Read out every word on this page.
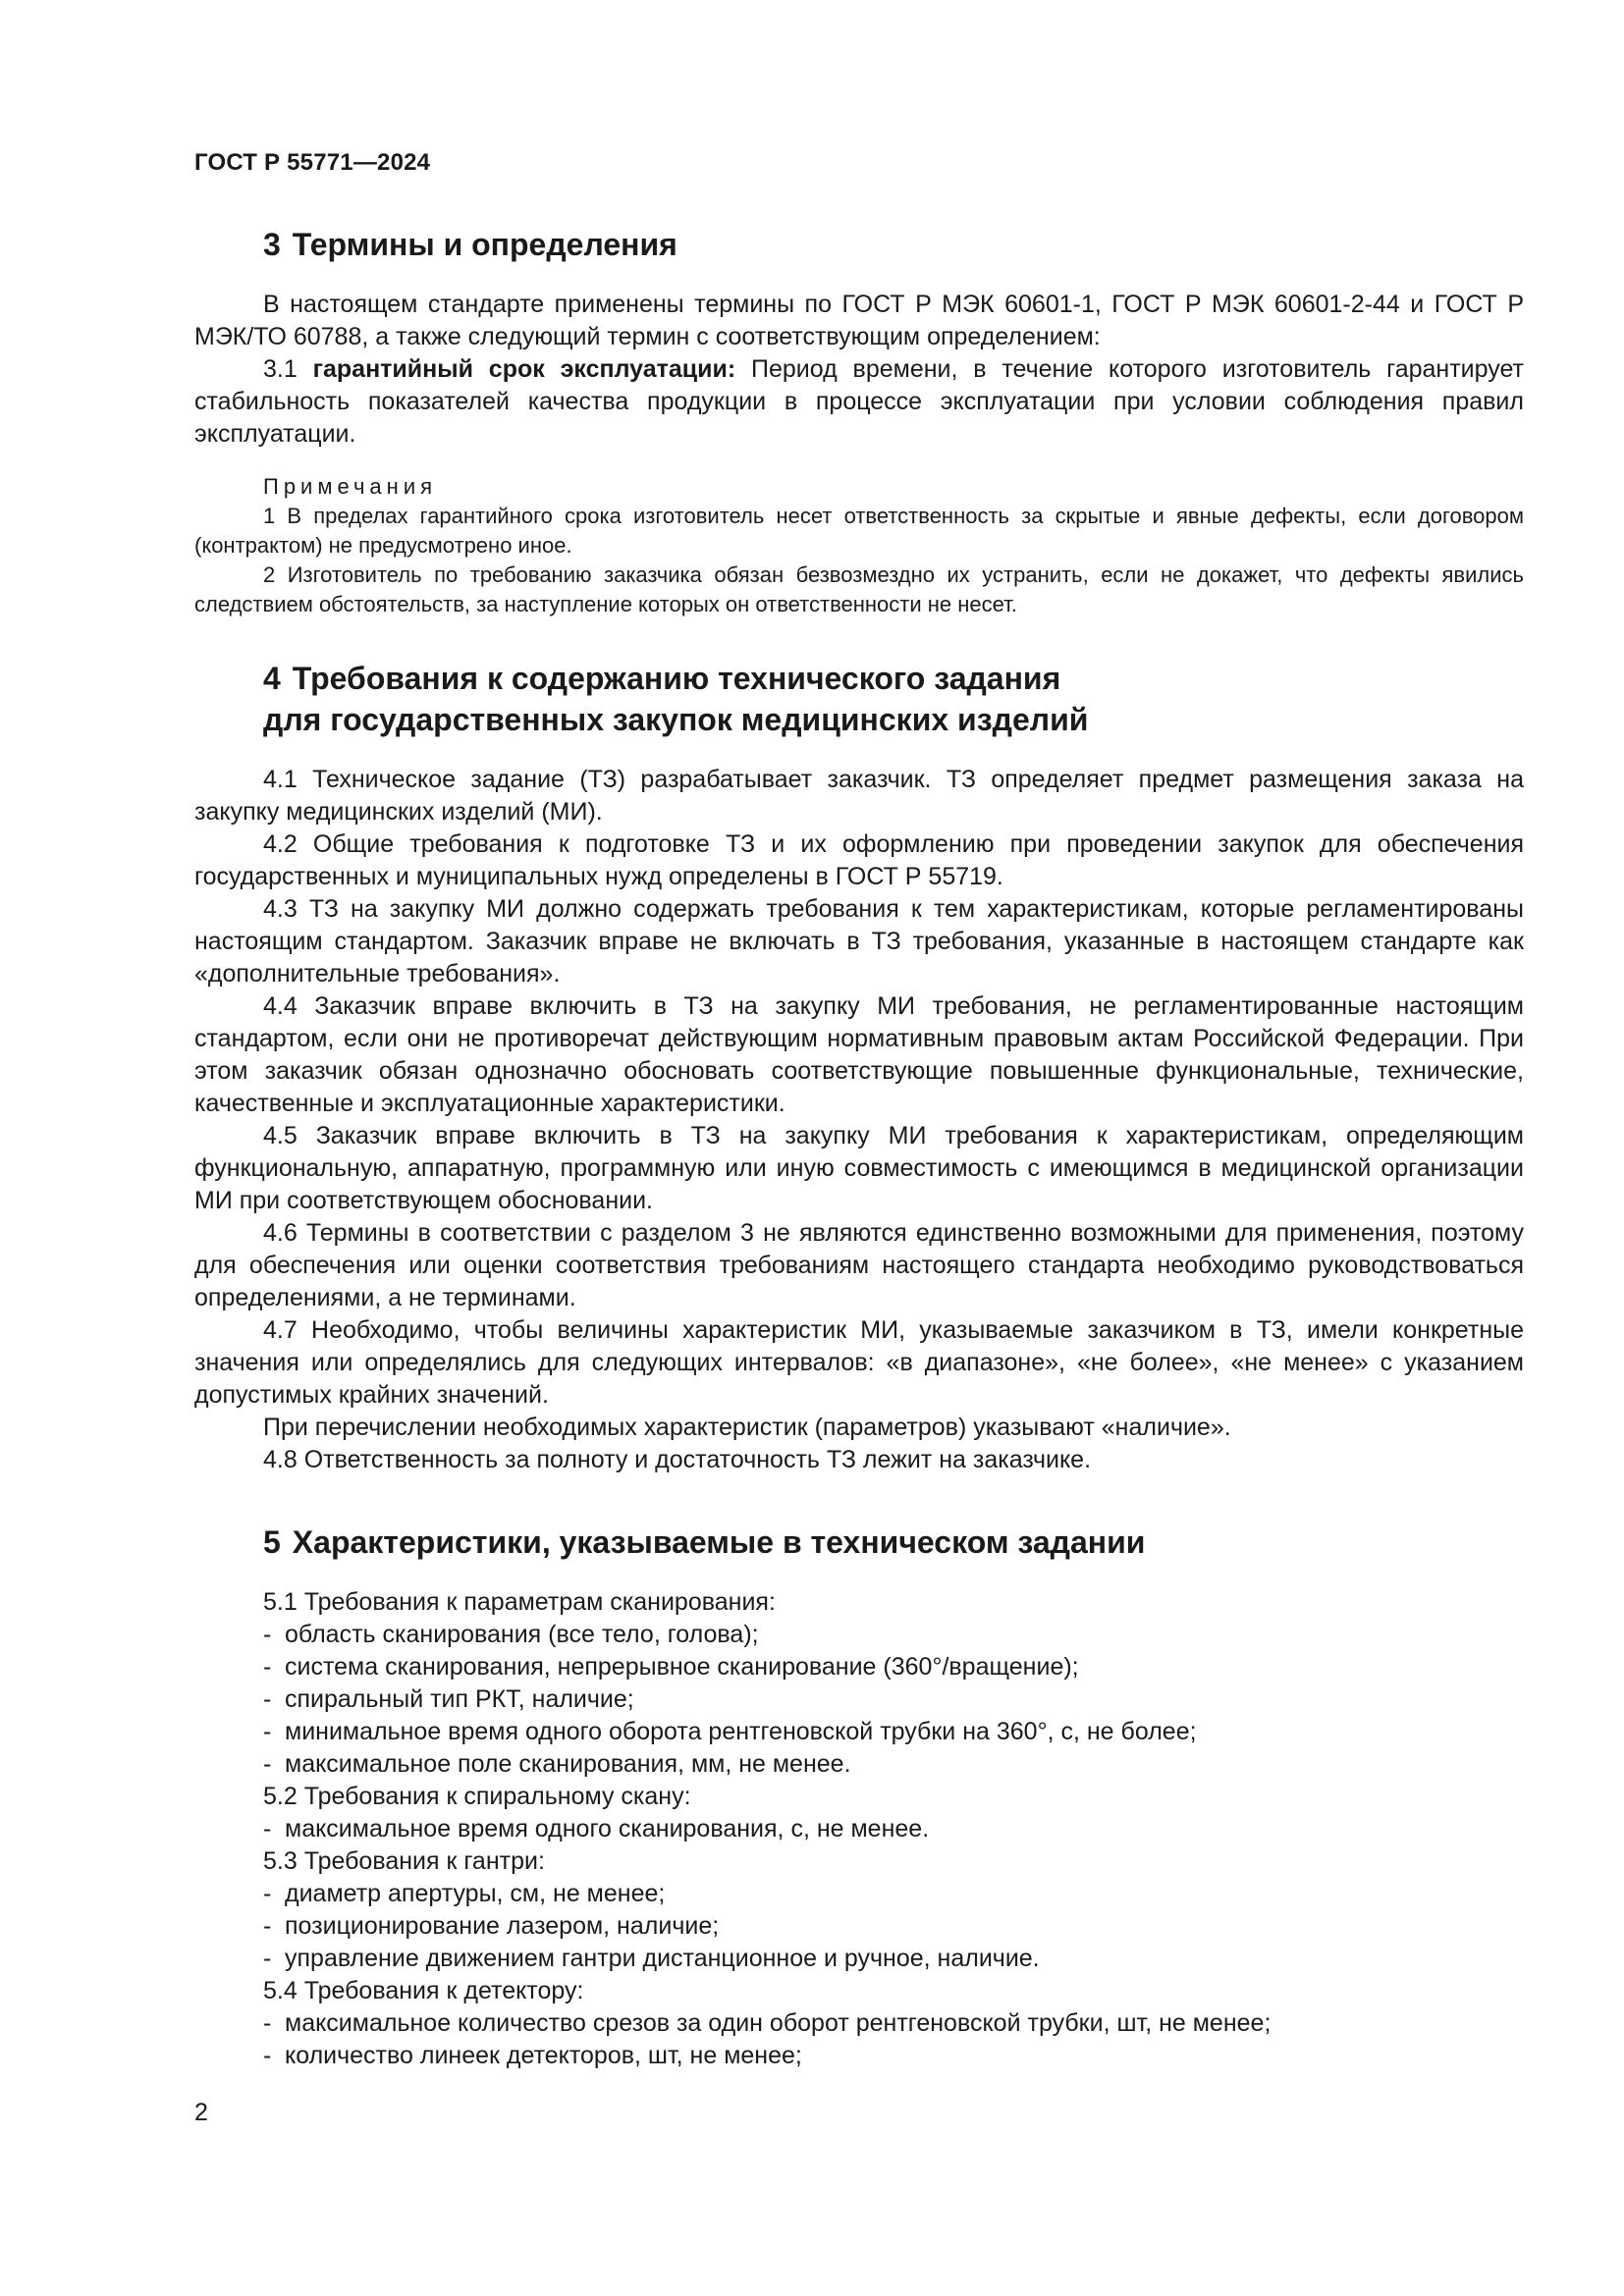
ГОСТ Р 55771—2024
3 Термины и определения

В настоящем стандарте применены термины по ГОСТ Р МЭК 60601-1, ГОСТ Р МЭК 60601-2-44 и ГОСТ Р МЭК/ТО 60788, а также следующий термин с соответствующим определением:

3.1 гарантийный срок эксплуатации: Период времени, в течение которого изготовитель гарантирует стабильность показателей качества продукции в процессе эксплуатации при условии соблюдения правил эксплуатации.

Примечания
1 В пределах гарантийного срока изготовитель несет ответственность за скрытые и явные дефекты, если договором (контрактом) не предусмотрено иное.
2 Изготовитель по требованию заказчика обязан безвозмездно их устранить, если не докажет, что дефекты явились следствием обстоятельств, за наступление которых он ответственности не несет.
4 Требования к содержанию технического задания
для государственных закупок медицинских изделий

4.1 Техническое задание (ТЗ) разрабатывает заказчик. ТЗ определяет предмет размещения заказа на закупку медицинских изделий (МИ).

4.2 Общие требования к подготовке ТЗ и их оформлению при проведении закупок для обеспечения государственных и муниципальных нужд определены в ГОСТ Р 55719.

4.3 ТЗ на закупку МИ должно содержать требования к тем характеристикам, которые регламентированы настоящим стандартом. Заказчик вправе не включать в ТЗ требования, указанные в настоящем стандарте как «дополнительные требования».

4.4 Заказчик вправе включить в ТЗ на закупку МИ требования, не регламентированные настоящим стандартом, если они не противоречат действующим нормативным правовым актам Российской Федерации. При этом заказчик обязан однозначно обосновать соответствующие повышенные функциональные, технические, качественные и эксплуатационные характеристики.

4.5 Заказчик вправе включить в ТЗ на закупку МИ требования к характеристикам, определяющим функциональную, аппаратную, программную или иную совместимость с имеющимся в медицинской организации МИ при соответствующем обосновании.

4.6 Термины в соответствии с разделом 3 не являются единственно возможными для применения, поэтому для обеспечения или оценки соответствия требованиям настоящего стандарта необходимо руководствоваться определениями, а не терминами.

4.7 Необходимо, чтобы величины характеристик МИ, указываемые заказчиком в ТЗ, имели конкретные значения или определялись для следующих интервалов: «в диапазоне», «не более», «не менее» с указанием допустимых крайних значений.

При перечислении необходимых характеристик (параметров) указывают «наличие».

4.8 Ответственность за полноту и достаточность ТЗ лежит на заказчике.

5 Характеристики, указываемые в техническом задании
5.1 Требования к параметрам сканирования:
- область сканирования (все тело, голова);
- система сканирования, непрерывное сканирование (360°/вращение);
- спиральный тип РКТ, наличие;
- минимальное время одного оборота рентгеновской трубки на 360°, с, не более;
- максимальное поле сканирования, мм, не менее.
5.2 Требования к спиральному скану:
- максимальное время одного сканирования, с, не менее.
5.3 Требования к гантри:
- диаметр апертуры, см, не менее;
- позиционирование лазером, наличие;
- управление движением гантри дистанционное и ручное, наличие.
5.4 Требования к детектору:
- максимальное количество срезов за один оборот рентгеновской трубки, шт, не менее;
- количество линеек детекторов, шт, не менее;
2
